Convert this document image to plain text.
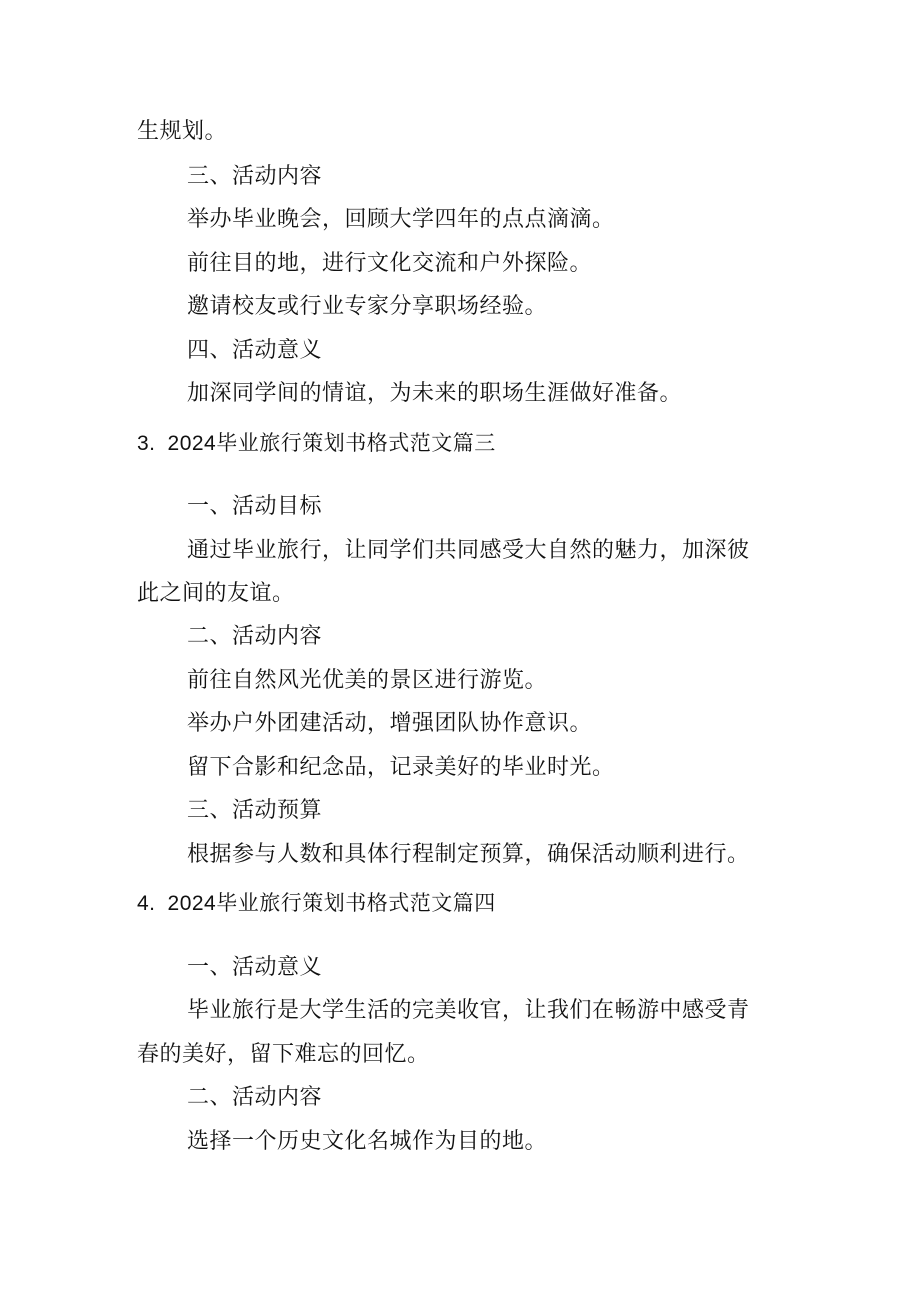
生规划。
三、活动内容
举办毕业晚会，回顾大学四年的点点滴滴。
前往目的地，进行文化交流和户外探险。
邀请校友或行业专家分享职场经验。
四、活动意义
加深同学间的情谊，为未来的职场生涯做好准备。
3. 2024毕业旅行策划书格式范文篇三
一、活动目标
通过毕业旅行，让同学们共同感受大自然的魅力，加深彼
此之间的友谊。
二、活动内容
前往自然风光优美的景区进行游览。
举办户外团建活动，增强团队协作意识。
留下合影和纪念品，记录美好的毕业时光。
三、活动预算
根据参与人数和具体行程制定预算，确保活动顺利进行。
4. 2024毕业旅行策划书格式范文篇四
一、活动意义
毕业旅行是大学生活的完美收官，让我们在畅游中感受青
春的美好，留下难忘的回忆。
二、活动内容
选择一个历史文化名城作为目的地。
